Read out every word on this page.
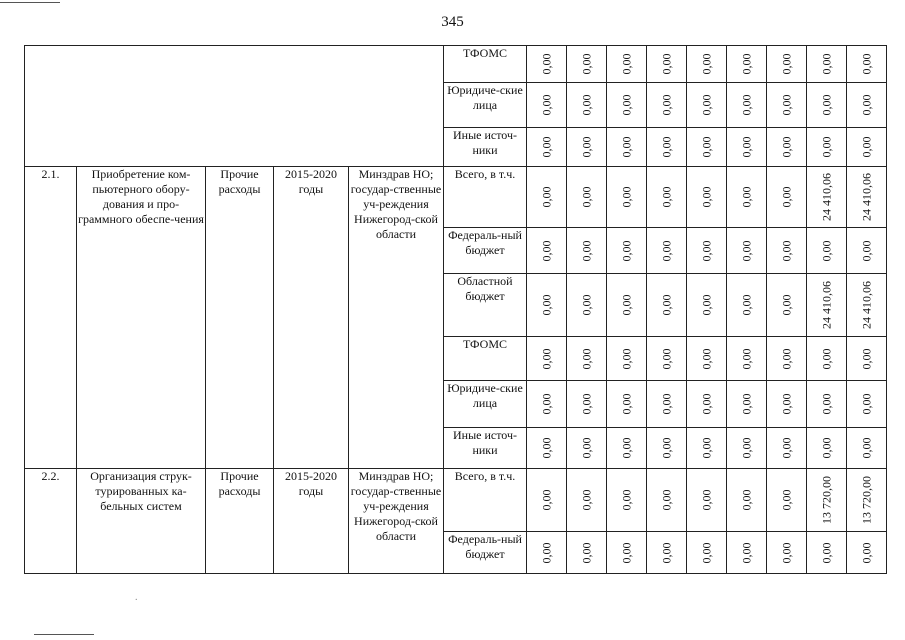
345
					ТФОМС	0,00	0,00	0,00	0,00	0,00	0,00	0,00	0,00	0,00

					Юридиче-ские лица	0,00	0,00	0,00	0,00	0,00	0,00	0,00	0,00	0,00

					Иные источ-ники	0,00	0,00	0,00	0,00	0,00	0,00	0,00	0,00	0,00

2.1.	Приобретение ком-пьютерного обору-дования и про-граммного обеспе-чения	Прочие расходы	2015-2020 годы	Минздрав НО; государ-ственные уч-реждения Нижегород-ской области	Всего, в т.ч.	0,00	0,00	0,00	0,00	0,00	0,00	0,00	24 410,06	24 410,06

					Федераль-ный бюджет	0,00	0,00	0,00	0,00	0,00	0,00	0,00	0,00	0,00

					Областной бюджет	0,00	0,00	0,00	0,00	0,00	0,00	0,00	24 410,06	24 410,06

					ТФОМС	0,00	0,00	0,00	0,00	0,00	0,00	0,00	0,00	0,00

					Юридиче-ские лица	0,00	0,00	0,00	0,00	0,00	0,00	0,00	0,00	0,00

					Иные источ-ники	0,00	0,00	0,00	0,00	0,00	0,00	0,00	0,00	0,00

2.2.	Организация струк-турированных ка-бельных систем	Прочие расходы	2015-2020 годы	Минздрав НО; государ-ственные уч-реждения Нижегород-ской области	Всего, в т.ч.	0,00	0,00	0,00	0,00	0,00	0,00	0,00	13 720,00	13 720,00

					Федераль-ный бюджет	0,00	0,00	0,00	0,00	0,00	0,00	0,00	0,00	0,00
.
